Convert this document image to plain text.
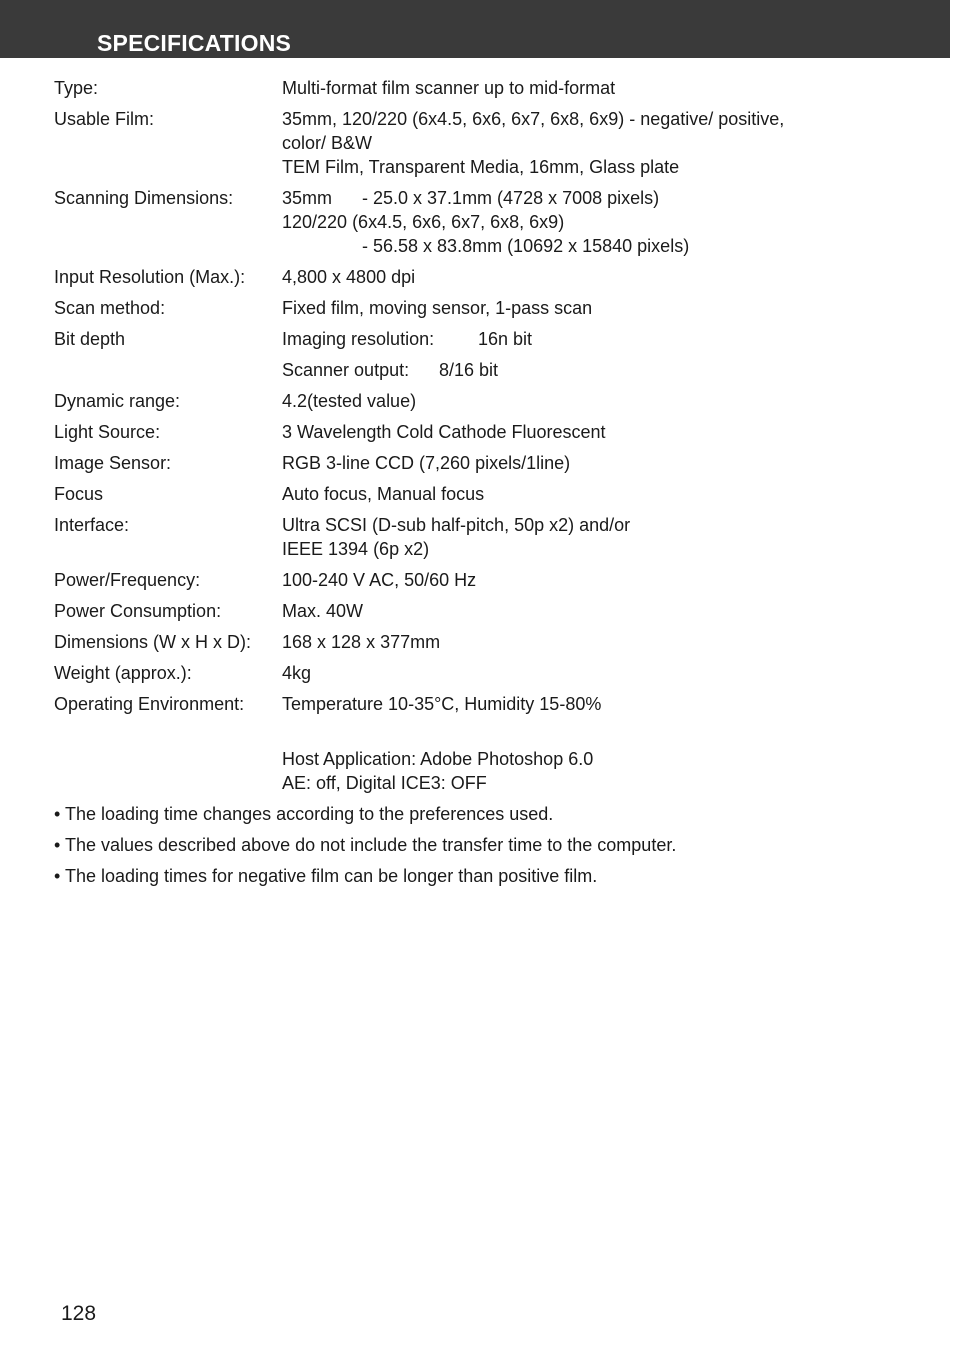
SPECIFICATIONS
Type:	Multi-format film scanner up to mid-format
Usable Film:	35mm, 120/220 (6x4.5, 6x6, 6x7, 6x8, 6x9) - negative/ positive,
color/ B&W
TEM Film, Transparent Media, 16mm, Glass plate
Scanning Dimensions:	35mm - 25.0 x 37.1mm (4728 x 7008 pixels)
120/220 (6x4.5, 6x6, 6x7, 6x8, 6x9)
- 56.58 x 83.8mm (10692 x 15840 pixels)
Input Resolution (Max.):	4,800 x 4800 dpi
Scan method:	Fixed film, moving sensor, 1-pass scan
Bit depth	Imaging resolution: 16n bit
Scanner output: 8/16 bit
Dynamic range:	4.2(tested value)
Light Source:	3 Wavelength Cold Cathode Fluorescent
Image Sensor:	RGB 3-line CCD (7,260 pixels/1line)
Focus	Auto focus, Manual focus
Interface:	Ultra SCSI (D-sub half-pitch, 50p x2) and/or
IEEE 1394 (6p x2)
Power/Frequency:	100-240 V AC, 50/60 Hz
Power Consumption:	Max. 40W
Dimensions (W x H x D):	168 x 128 x 377mm
Weight (approx.):	4kg
Operating Environment:	Temperature 10-35°C, Humidity 15-80%
Host Application: Adobe Photoshop 6.0
AE: off, Digital ICE3: OFF
• The loading time changes according to the preferences used.
• The values described above do not include the transfer time to the computer.
• The loading times for negative film can be longer than positive film.
128
